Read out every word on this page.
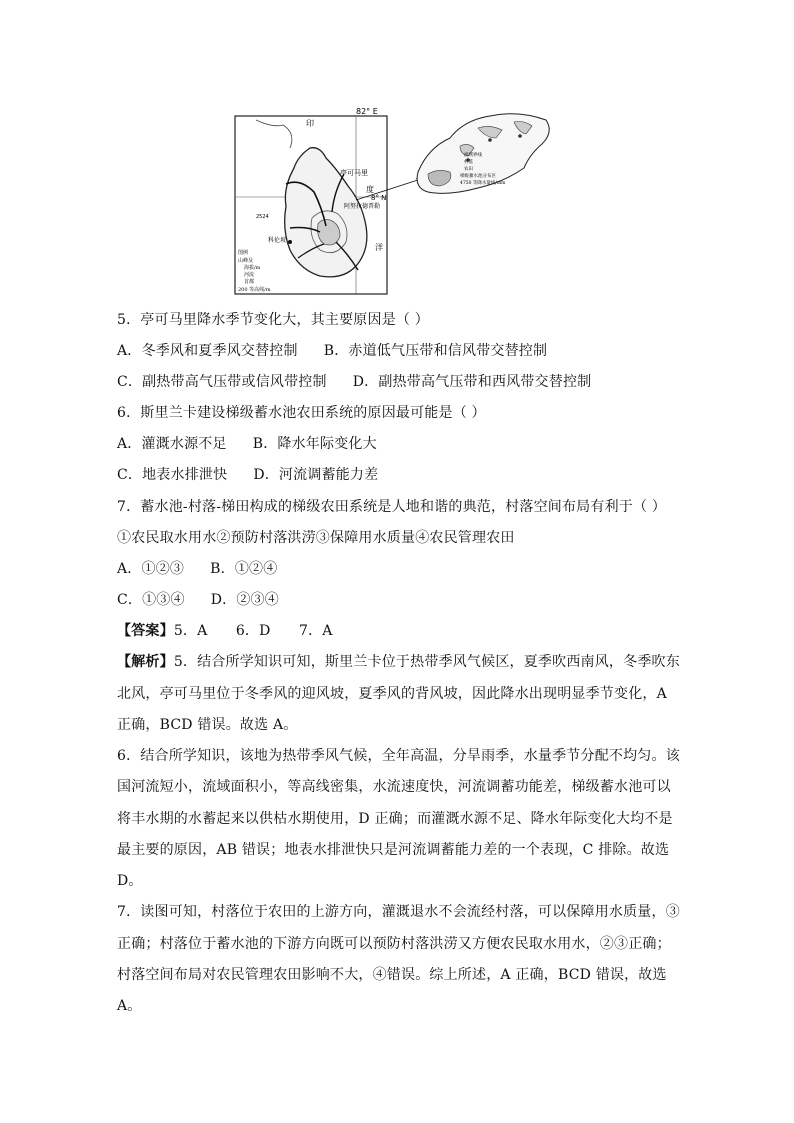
82° E
8° N
印
度
洋
亭可马里
阿努拉德普勒
科伦坡
2524
图例
山峰及
海拔/m
河流
首都
200 等高线/m
流域界线
村落
农田
梯级蓄水池分布区
4750 等降水量线/mm
5．亭可马里降水季节变化大，其主要原因是（ ）
A．冬季风和夏季风交替控制 B．赤道低气压带和信风带交替控制
C．副热带高气压带或信风带控制 D．副热带高气压带和西风带交替控制
6．斯里兰卡建设梯级蓄水池农田系统的原因最可能是（ ）
A．灌溉水源不足 B．降水年际变化大
C．地表水排泄快 D．河流调蓄能力差
7．蓄水池-村落-梯田构成的梯级农田系统是人地和谐的典范，村落空间布局有利于（ ）
①农民取水用水②预防村落洪涝③保障用水质量④农民管理农田
A．①②③ B．①②④
C．①③④ D．②③④
【答案】5．A　　6．D　　7．A
【解析】5．结合所学知识可知，斯里兰卡位于热带季风气候区，夏季吹西南风，冬季吹东
北风，亭可马里位于冬季风的迎风坡，夏季风的背风坡，因此降水出现明显季节变化，A
正确，BCD 错误。故选 A。
6．结合所学知识，该地为热带季风气候，全年高温，分旱雨季，水量季节分配不均匀。该
国河流短小，流域面积小，等高线密集，水流速度快，河流调蓄功能差，梯级蓄水池可以
将丰水期的水蓄起来以供枯水期使用，D 正确；而灌溉水源不足、降水年际变化大均不是
最主要的原因，AB 错误；地表水排泄快只是河流调蓄能力差的一个表现，C 排除。故选
D。
7．读图可知，村落位于农田的上游方向，灌溉退水不会流经村落，可以保障用水质量，③
正确；村落位于蓄水池的下游方向既可以预防村落洪涝又方便农民取水用水，②③正确；
村落空间布局对农民管理农田影响不大，④错误。综上所述，A 正确，BCD 错误，故选
A。
